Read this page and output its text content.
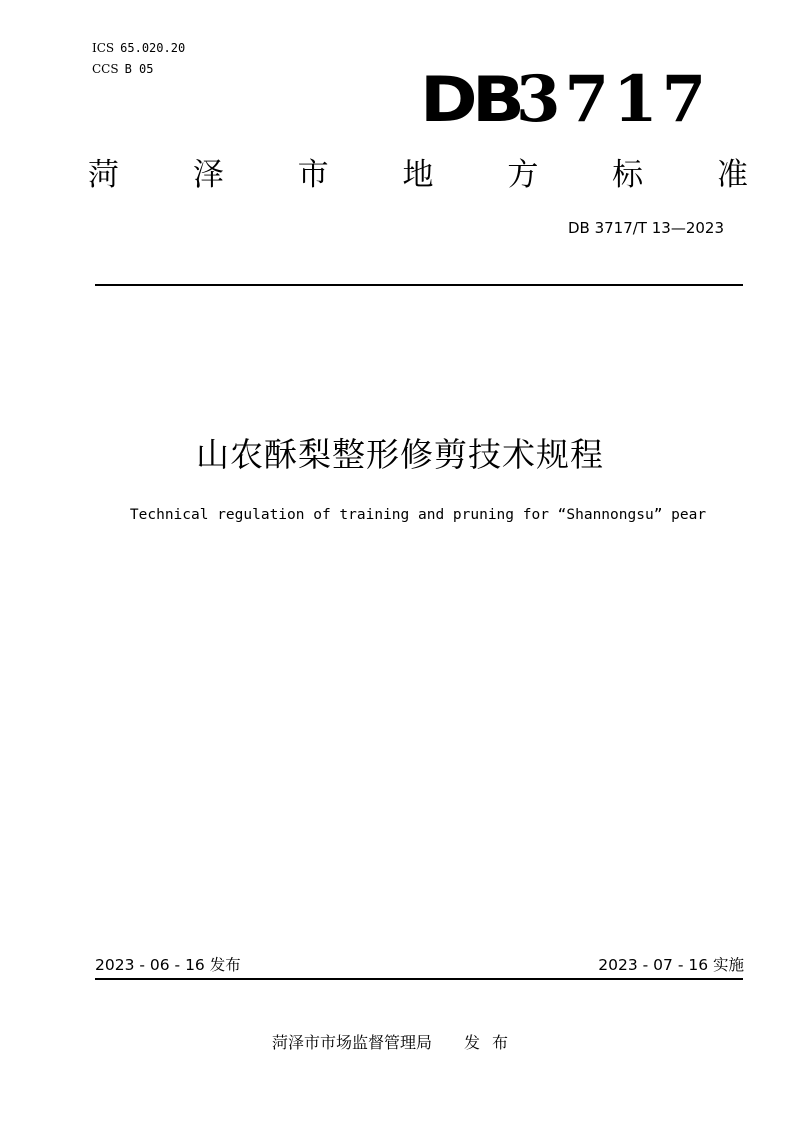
ICS 65.020.20
CCS B 05	DB3717
菏 泽 市 地 方 标 准
DB 3717/T 13—2023
山农酥梨整形修剪技术规程
Technical regulation of training and pruning for “Shannongsu” pear
2023 - 06 - 16 发布	2023 - 07 - 16 实施
菏泽市市场监督管理局 发布
